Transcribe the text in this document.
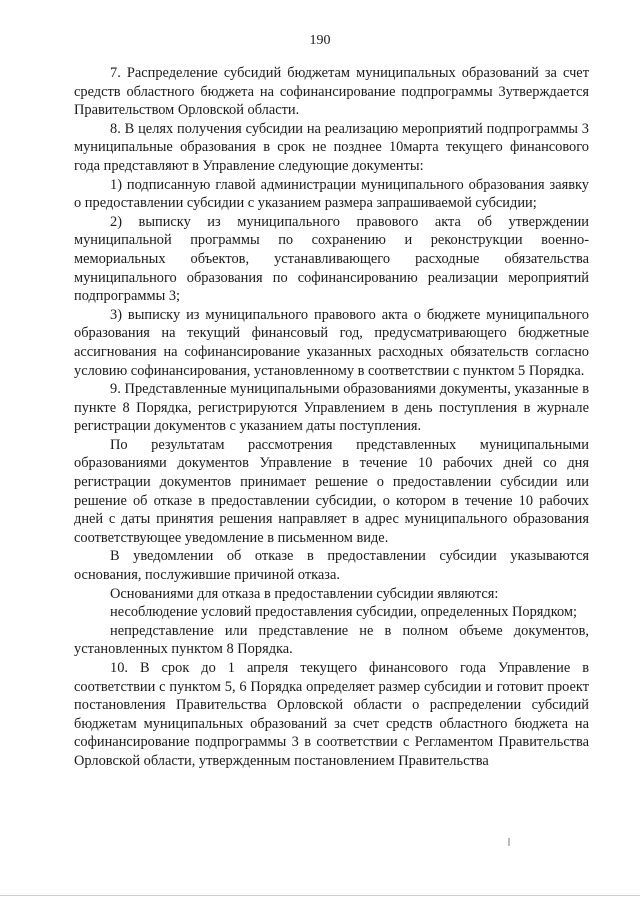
190

7. Распределение субсидий бюджетам муниципальных образований за счет средств областного бюджета на софинансирование подпрограммы 3утверждается Правительством Орловской области.

8. В целях получения субсидии на реализацию мероприятий подпрограммы 3 муниципальные образования в срок не позднее 10марта текущего финансового года представляют в Управление следующие документы:

1) подписанную главой администрации муниципального образования заявку о предоставлении субсидии с указанием размера запрашиваемой субсидии;

2) выписку из муниципального правового акта об утверждении муниципальной программы по сохранению и реконструкции военно-мемориальных объектов, устанавливающего расходные обязательства муниципального образования по софинансированию реализации мероприятий подпрограммы 3;

3) выписку из муниципального правового акта о бюджете муниципального образования на текущий финансовый год, предусматривающего бюджетные ассигнования на софинансирование указанных расходных обязательств согласно условию софинансирования, установленному в соответствии с пунктом 5 Порядка.

9. Представленные муниципальными образованиями документы, указанные в пункте 8 Порядка, регистрируются Управлением в день поступления в журнале регистрации документов с указанием даты поступления.

По результатам рассмотрения представленных муниципальными образованиями документов Управление в течение 10 рабочих дней со дня регистрации документов принимает решение о предоставлении субсидии или решение об отказе в предоставлении субсидии, о котором в течение 10 рабочих дней с даты принятия решения направляет в адрес муниципального образования соответствующее уведомление в письменном виде.

В уведомлении об отказе в предоставлении субсидии указываются основания, послужившие причиной отказа.

Основаниями для отказа в предоставлении субсидии являются:

несоблюдение условий предоставления субсидии, определенных Порядком;

непредставление или представление не в полном объеме документов, установленных пунктом 8 Порядка.

10. В срок до 1 апреля текущего финансового года Управление в соответствии с пунктом 5, 6 Порядка определяет размер субсидии и готовит проект постановления Правительства Орловской области о распределении субсидий бюджетам муниципальных образований за счет средств областного бюджета на софинансирование подпрограммы 3 в соответствии с Регламентом Правительства Орловской области, утвержденным постановлением Правительства
